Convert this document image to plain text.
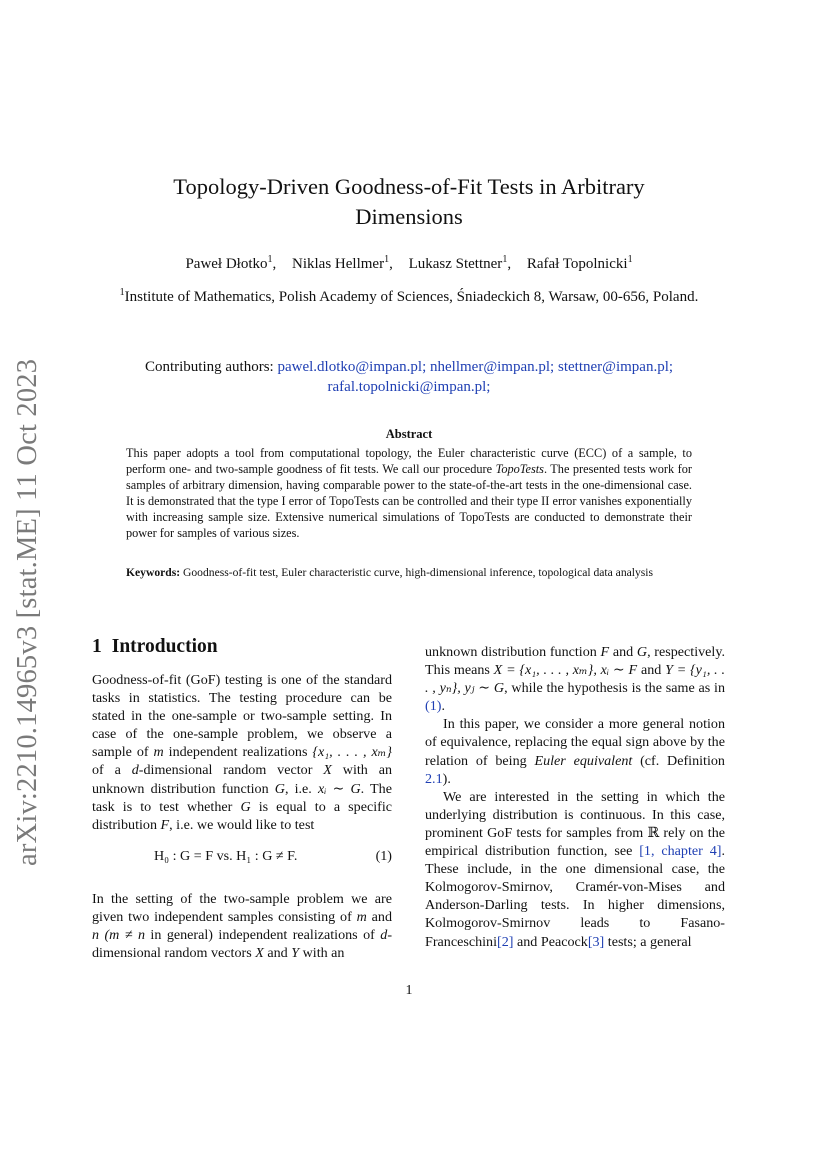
arXiv:2210.14965v3 [stat.ME] 11 Oct 2023
Topology-Driven Goodness-of-Fit Tests in Arbitrary Dimensions
Paweł Dłotko$^1$, Niklas Hellmer$^1$, Lukasz Stettner$^1$, Rafał Topolnicki$^1$
$^1$Institute of Mathematics, Polish Academy of Sciences, Śniadeckich 8, Warsaw, 00-656, Poland.
Contributing authors: pawel.dlotko@impan.pl; nhellmer@impan.pl; stettner@impan.pl; rafal.topolnicki@impan.pl;
Abstract
This paper adopts a tool from computational topology, the Euler characteristic curve (ECC) of a sample, to perform one- and two-sample goodness of fit tests. We call our procedure TopoTests. The presented tests work for samples of arbitrary dimension, having comparable power to the state-of-the-art tests in the one-dimensional case. It is demonstrated that the type I error of TopoTests can be controlled and their type II error vanishes exponentially with increasing sample size. Extensive numerical simulations of TopoTests are conducted to demonstrate their power for samples of various sizes.
Keywords: Goodness-of-fit test, Euler characteristic curve, high-dimensional inference, topological data analysis
1 Introduction

Goodness-of-fit (GoF) testing is one of the standard tasks in statistics. The testing procedure can be stated in the one-sample or two-sample setting. In case of the one-sample problem, we observe a sample of m independent realizations {x₁, . . . , xₘ} of a d-dimensional random vector X with an unknown distribution function G, i.e. xᵢ ∼ G. The task is to test whether G is equal to a specific distribution F, i.e. we would like to test

H₀ : G = F vs. H₁ : G ≠ F.	(1)

In the setting of the two-sample problem we are given two independent samples consisting of m and n (m ≠ n in general) independent realizations of d-dimensional random vectors X and Y with an

unknown distribution function F and G, respectively. This means X = {x₁, . . . , xₘ}, xᵢ ∼ F and Y = {y₁, . . . , yₙ}, yⱼ ∼ G, while the hypothesis is the same as in (1).

In this paper, we consider a more general notion of equivalence, replacing the equal sign above by the relation of being Euler equivalent (cf. Definition 2.1).

We are interested in the setting in which the underlying distribution is continuous. In this case, prominent GoF tests for samples from ℝ rely on the empirical distribution function, see [1, chapter 4]. These include, in the one dimensional case, the Kolmogorov-Smirnov, Cramér-von-Mises and Anderson-Darling tests. In higher dimensions, Kolmogorov-Smirnov leads to Fasano-Franceschini[2] and Peacock[3] tests; a general

1
